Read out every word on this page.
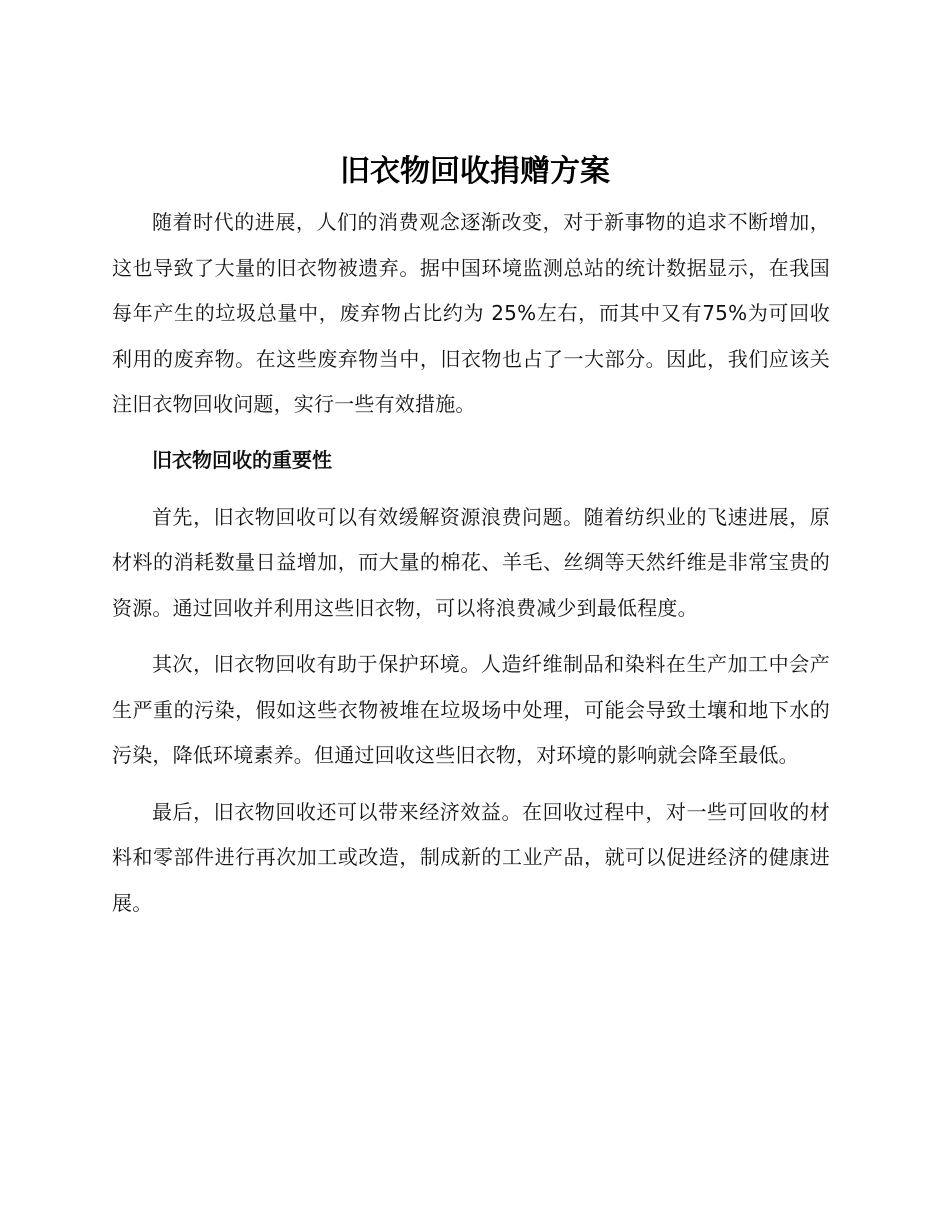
旧衣物回收捐赠方案

随着时代的进展，人们的消费观念逐渐改变，对于新事物的追求不断增加，这也导致了大量的旧衣物被遗弃。据中国环境监测总站的统计数据显示，在我国每年产生的垃圾总量中，废弃物占比约为 25%左右，而其中又有75%为可回收利用的废弃物。在这些废弃物当中，旧衣物也占了一大部分。因此，我们应该关注旧衣物回收问题，实行一些有效措施。

旧衣物回收的重要性

首先，旧衣物回收可以有效缓解资源浪费问题。随着纺织业的飞速进展，原材料的消耗数量日益增加，而大量的棉花、羊毛、丝绸等天然纤维是非常宝贵的资源。通过回收并利用这些旧衣物，可以将浪费减少到最低程度。

其次，旧衣物回收有助于保护环境。人造纤维制品和染料在生产加工中会产生严重的污染，假如这些衣物被堆在垃圾场中处理，可能会导致土壤和地下水的污染，降低环境素养。但通过回收这些旧衣物，对环境的影响就会降至最低。

最后，旧衣物回收还可以带来经济效益。在回收过程中，对一些可回收的材料和零部件进行再次加工或改造，制成新的工业产品，就可以促进经济的健康进展。
